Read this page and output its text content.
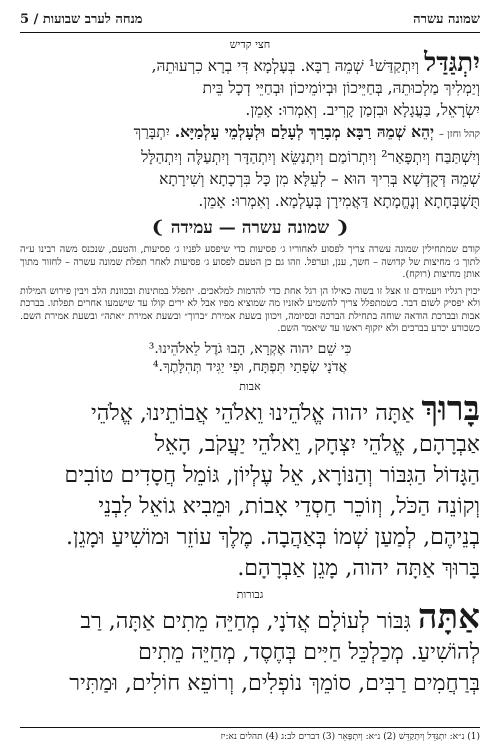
שמונה עשרה
מנחה לערב שבועות / 5

חצי קדיש

יִתְגַּדַּל וְיִתְקַדַּשׁ¹ שְׁמֵהּ רַבָּא. בְּעָלְמָא דִּי בְרָא כִרְעוּתֵהּ,

וְיַמְלִיךְ מַלְכוּתֵהּ, בְּחַיֵּיכוֹן וּבְיוֹמֵיכוֹן וּבְחַיֵּי דְכָל בֵּית

יִשְׂרָאֵל, בַּעֲגָלָא וּבִזְמַן קָרִיב. וְאִמְרוּ: אָמֵן.

קהל וחזן – יְהֵא שְׁמֵהּ רַבָּא מְבָרַךְ לְעָלַם וּלְעָלְמֵי עָלְמַיָּא. יִתְבָּרַךְ

וְיִשְׁתַּבַּח וְיִתְפָּאַר² וְיִתְרוֹמַם וְיִתְנַשֵּׂא וְיִתְהַדָּר וְיִתְעַלֶּה וְיִתְהַלָּל

שְׁמֵהּ דְּקֻדְשָׁא בְּרִיךְ הוּא – לְעֵלָּא מִן כָּל בִּרְכָתָא וְשִׁירָתָא

תֻּשְׁבְּחָתָא וְנֶחֱמָתָא דַּאֲמִירָן בְּעָלְמָא. וְאִמְרוּ: אָמֵן.

❨ שמונה עשרה — עמידה ❩

קודם שמתחילין שמונה עשרה צריך לפסוע לאחוריו ג׳ פסיעות כדי שיפסע לפניו ג׳ פסיעות, והטעם, שנכנס משה רבינו ע״ה לתוך ג׳ מחיצות של קדושה – חשך, ענן, וערפל. וזהו גם כן הטעם לפסוע ג׳ פסיעות לאחר תפלת שמונה עשרה – לחזור מתוך אותן מחיצות (רוקח).

יכוין רגליו ויעמידם זו אצל זו בשוה כאילו הן רגל אחת כדי להדמות למלאכים. יתפלל במתינות ובכוונת הלב ויבין פירוש המילות ולא יפסיק לשום דבר. כשמתפלל צריך להשמיע לאזניו מה שמוציא מפיו אבל לא ירים קולו עד שישמעו אחרים תפלתו. בברכת אבות ובברכת הודאה שוחה בתחילת הברכה ובסיומה, ויכוון בשעת אמירת ״ברוך״ ובשעת אמירת ״אתה״ ובשעת אמירת השם. כשכורע יכרע בברכים ולא יזקוף ראשו עד שיאמר השם.

כִּי שֵׁם יהוה אֶקְרָא, הָבוּ גֹדֶל לֵאלֹהֵינוּ.³

אֲדֹנָי שְׂפָתַי תִּפְתָּח, וּפִי יַגִּיד תְּהִלָּתֶךָ.⁴

אבות

בָּרוּךְ אַתָּה יהוה אֱלֹהֵינוּ וֵאלֹהֵי אֲבוֹתֵינוּ, אֱלֹהֵי

אַבְרָהָם, אֱלֹהֵי יִצְחָק, וֵאלֹהֵי יַעֲקֹב, הָאֵל

הַגָּדוֹל הַגִּבּוֹר וְהַנּוֹרָא, אֵל עֶלְיוֹן, גּוֹמֵל חֲסָדִים טוֹבִים

וְקוֹנֵה הַכֹּל, וְזוֹכֵר חַסְדֵי אָבוֹת, וּמֵבִיא גוֹאֵל לִבְנֵי

בְנֵיהֶם, לְמַעַן שְׁמוֹ בְּאַהֲבָה. מֶלֶךְ עוֹזֵר וּמוֹשִׁיעַ וּמָגֵן.

בָּרוּךְ אַתָּה יהוה, מָגֵן אַבְרָהָם.

גבורות

אַתָּה גִּבּוֹר לְעוֹלָם אֲדֹנָי, מְחַיֵּה מֵתִים אַתָּה, רַב

לְהוֹשִׁיעַ. מְכַלְכֵּל חַיִּים בְּחֶסֶד, מְחַיֵּה מֵתִים

בְּרַחֲמִים רַבִּים, סוֹמֵךְ נוֹפְלִים, וְרוֹפֵא חוֹלִים, וּמַתִּיר

(1) נ״א: יִתְגַּדֵּל וְיִתְקַדֵּשׁ (2) נ״א: וְיִתְפָּאֵר (3) דברים לב:ג (4) תהלים נא:יז
